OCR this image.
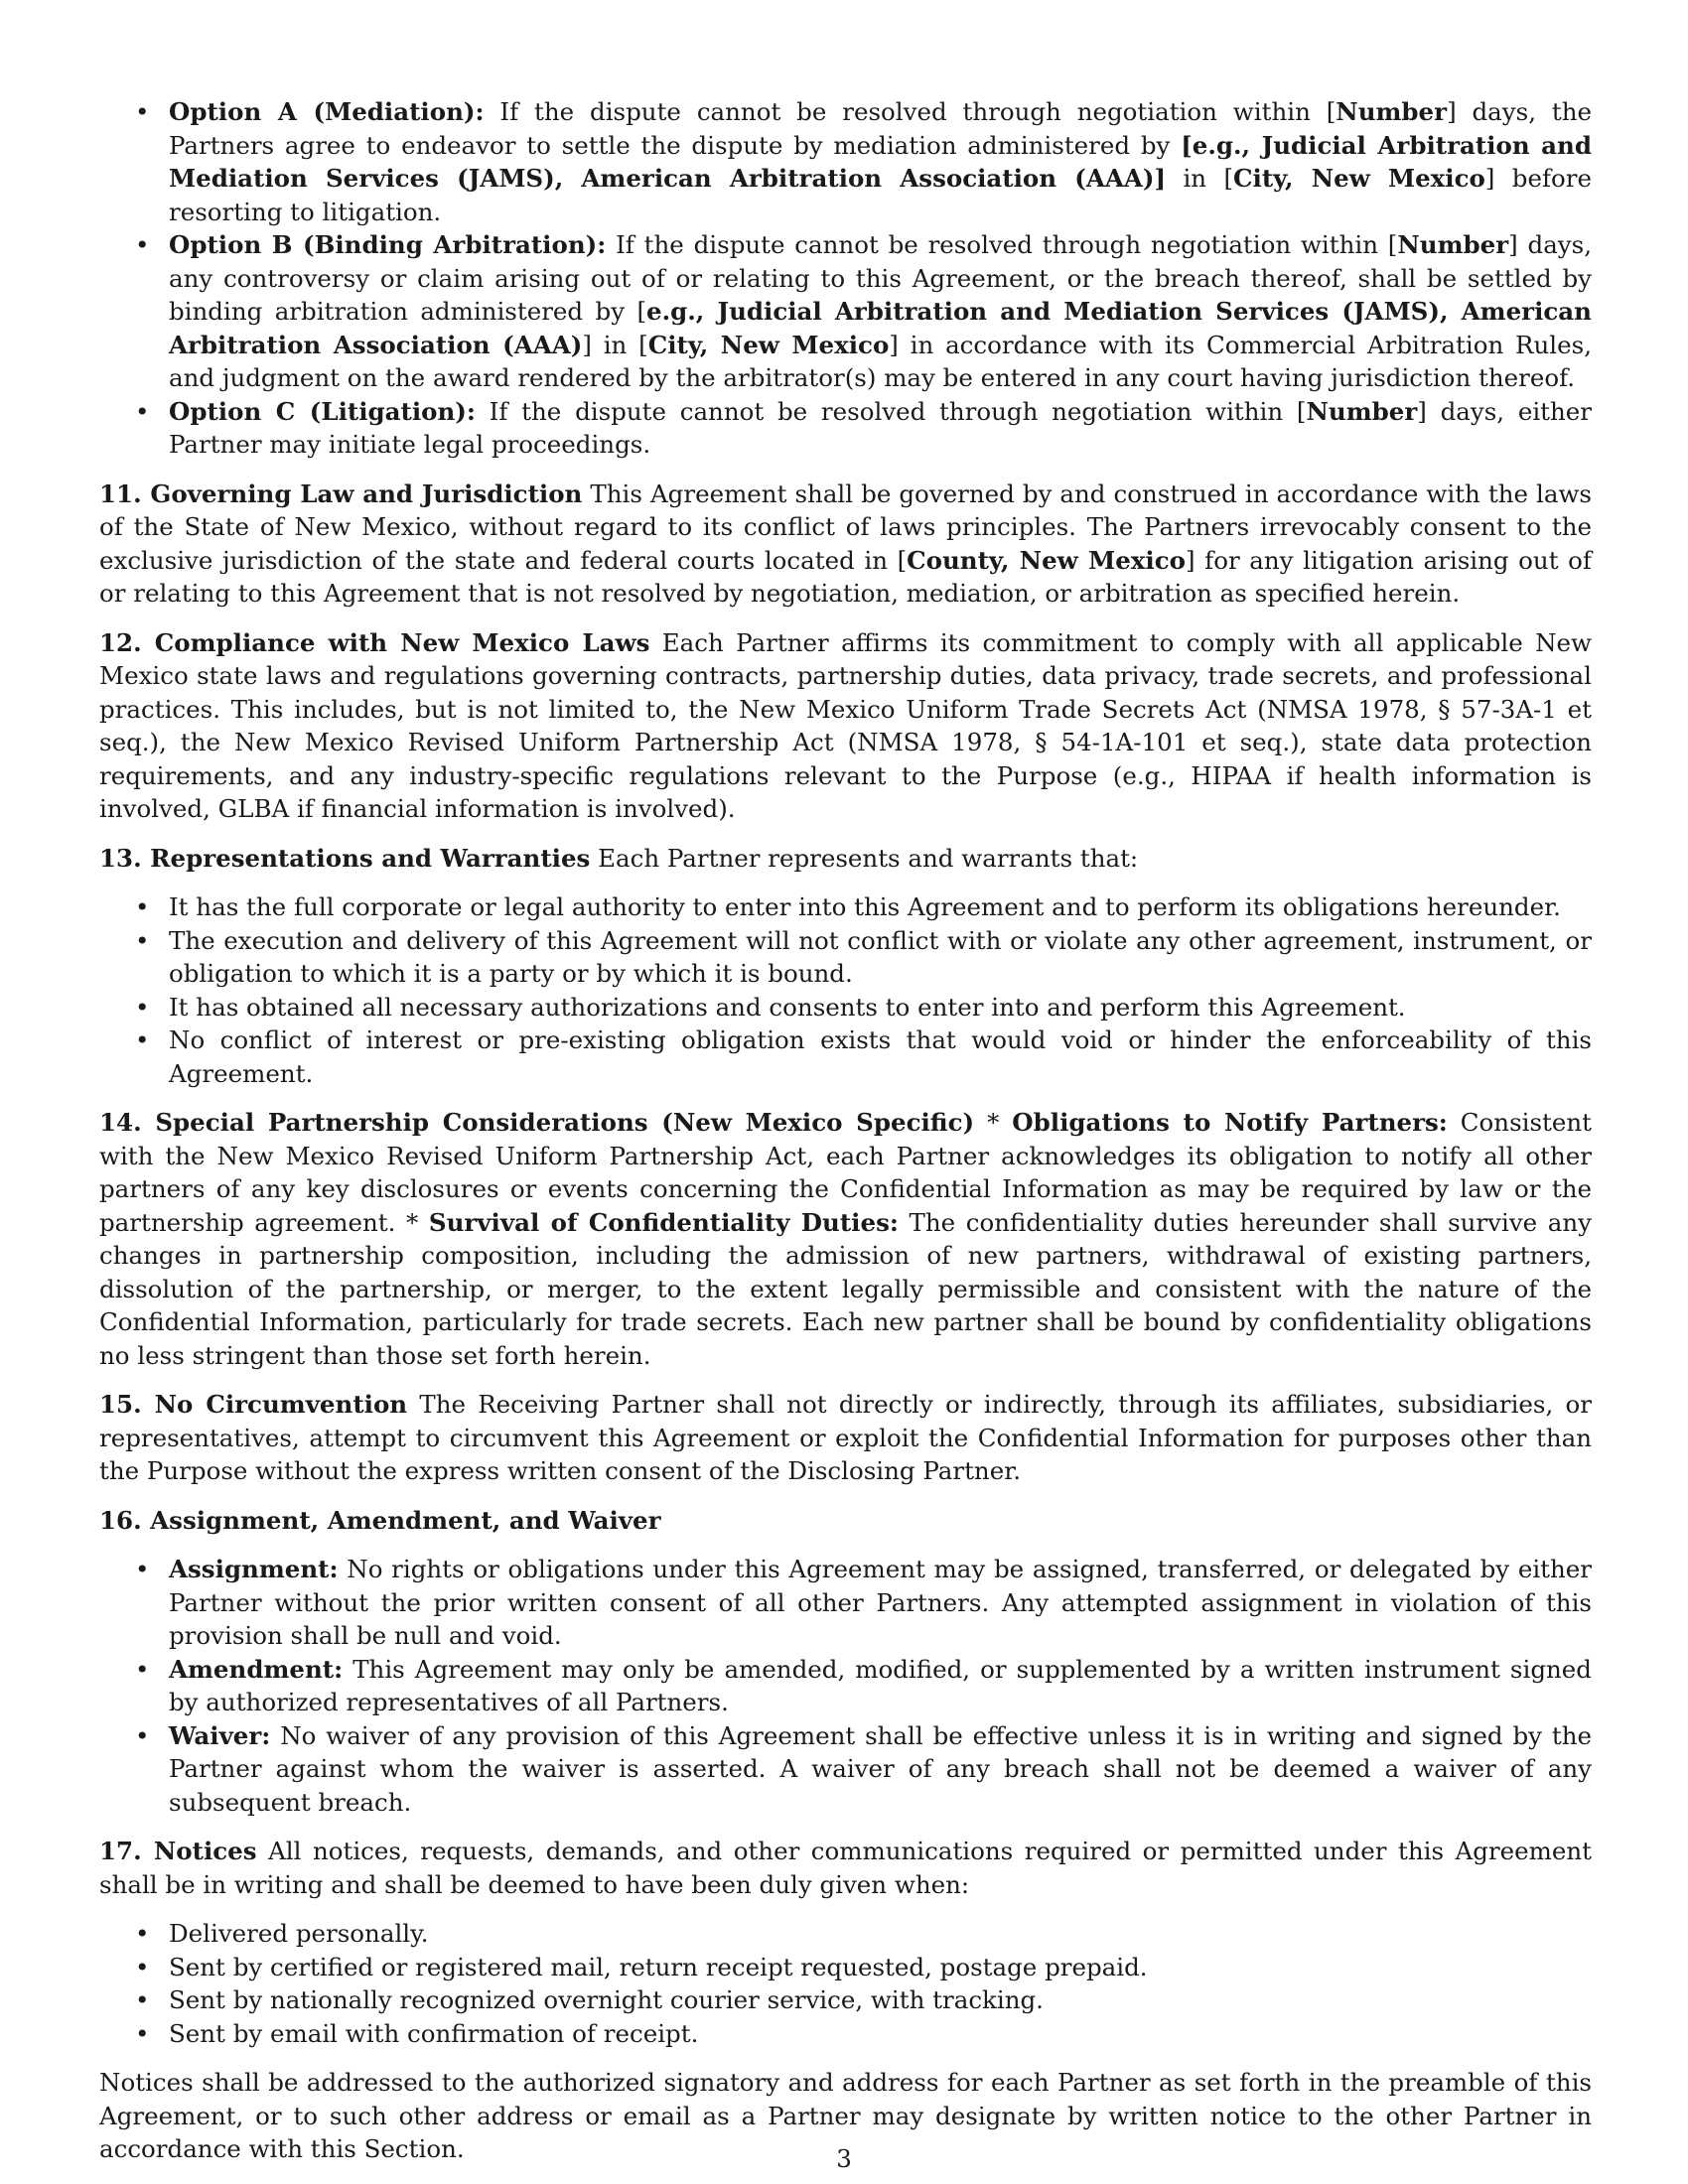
• Option A (Mediation): If the dispute cannot be resolved through negotiation within [Number] days, the Partners agree to endeavor to settle the dispute by mediation administered by [e.g., Judicial Arbitration and Mediation Services (JAMS), American Arbitration Association (AAA)] in [City, New Mexico] before resorting to litigation.
• Option B (Binding Arbitration): If the dispute cannot be resolved through negotiation within [Number] days, any controversy or claim arising out of or relating to this Agreement, or the breach thereof, shall be settled by binding arbitration administered by [e.g., Judicial Arbitration and Mediation Services (JAMS), American Arbitration Association (AAA)] in [City, New Mexico] in accordance with its Commercial Arbitration Rules, and judgment on the award rendered by the arbitrator(s) may be entered in any court having jurisdiction thereof.
• Option C (Litigation): If the dispute cannot be resolved through negotiation within [Number] days, either Partner may initiate legal proceedings.

11. Governing Law and Jurisdiction This Agreement shall be governed by and construed in accordance with the laws of the State of New Mexico, without regard to its conflict of laws principles. The Partners irrevocably consent to the exclusive jurisdiction of the state and federal courts located in [County, New Mexico] for any litigation arising out of or relating to this Agreement that is not resolved by negotiation, mediation, or arbitration as specified herein.

12. Compliance with New Mexico Laws Each Partner affirms its commitment to comply with all applicable New Mexico state laws and regulations governing contracts, partnership duties, data privacy, trade secrets, and professional practices. This includes, but is not limited to, the New Mexico Uniform Trade Secrets Act (NMSA 1978, § 57-3A-1 et seq.), the New Mexico Revised Uniform Partnership Act (NMSA 1978, § 54-1A-101 et seq.), state data protection requirements, and any industry-specific regulations relevant to the Purpose (e.g., HIPAA if health information is involved, GLBA if financial information is involved).

13. Representations and Warranties Each Partner represents and warrants that:

• It has the full corporate or legal authority to enter into this Agreement and to perform its obligations hereunder.
• The execution and delivery of this Agreement will not conflict with or violate any other agreement, instrument, or obligation to which it is a party or by which it is bound.
• It has obtained all necessary authorizations and consents to enter into and perform this Agreement.
• No conflict of interest or pre-existing obligation exists that would void or hinder the enforceability of this Agreement.

14. Special Partnership Considerations (New Mexico Specific) * Obligations to Notify Partners: Consistent with the New Mexico Revised Uniform Partnership Act, each Partner acknowledges its obligation to notify all other partners of any key disclosures or events concerning the Confidential Information as may be required by law or the partnership agreement. * Survival of Confidentiality Duties: The confidentiality duties hereunder shall survive any changes in partnership composition, including the admission of new partners, withdrawal of existing partners, dissolution of the partnership, or merger, to the extent legally permissible and consistent with the nature of the Confidential Information, particularly for trade secrets. Each new partner shall be bound by confidentiality obligations no less stringent than those set forth herein.

15. No Circumvention The Receiving Partner shall not directly or indirectly, through its affiliates, subsidiaries, or representatives, attempt to circumvent this Agreement or exploit the Confidential Information for purposes other than the Purpose without the express written consent of the Disclosing Partner.

16. Assignment, Amendment, and Waiver

• Assignment: No rights or obligations under this Agreement may be assigned, transferred, or delegated by either Partner without the prior written consent of all other Partners. Any attempted assignment in violation of this provision shall be null and void.
• Amendment: This Agreement may only be amended, modified, or supplemented by a written instrument signed by authorized representatives of all Partners.
• Waiver: No waiver of any provision of this Agreement shall be effective unless it is in writing and signed by the Partner against whom the waiver is asserted. A waiver of any breach shall not be deemed a waiver of any subsequent breach.

17. Notices All notices, requests, demands, and other communications required or permitted under this Agreement shall be in writing and shall be deemed to have been duly given when:

• Delivered personally.
• Sent by certified or registered mail, return receipt requested, postage prepaid.
• Sent by nationally recognized overnight courier service, with tracking.
• Sent by email with confirmation of receipt.

Notices shall be addressed to the authorized signatory and address for each Partner as set forth in the preamble of this Agreement, or to such other address or email as a Partner may designate by written notice to the other Partner in accordance with this Section.	3
